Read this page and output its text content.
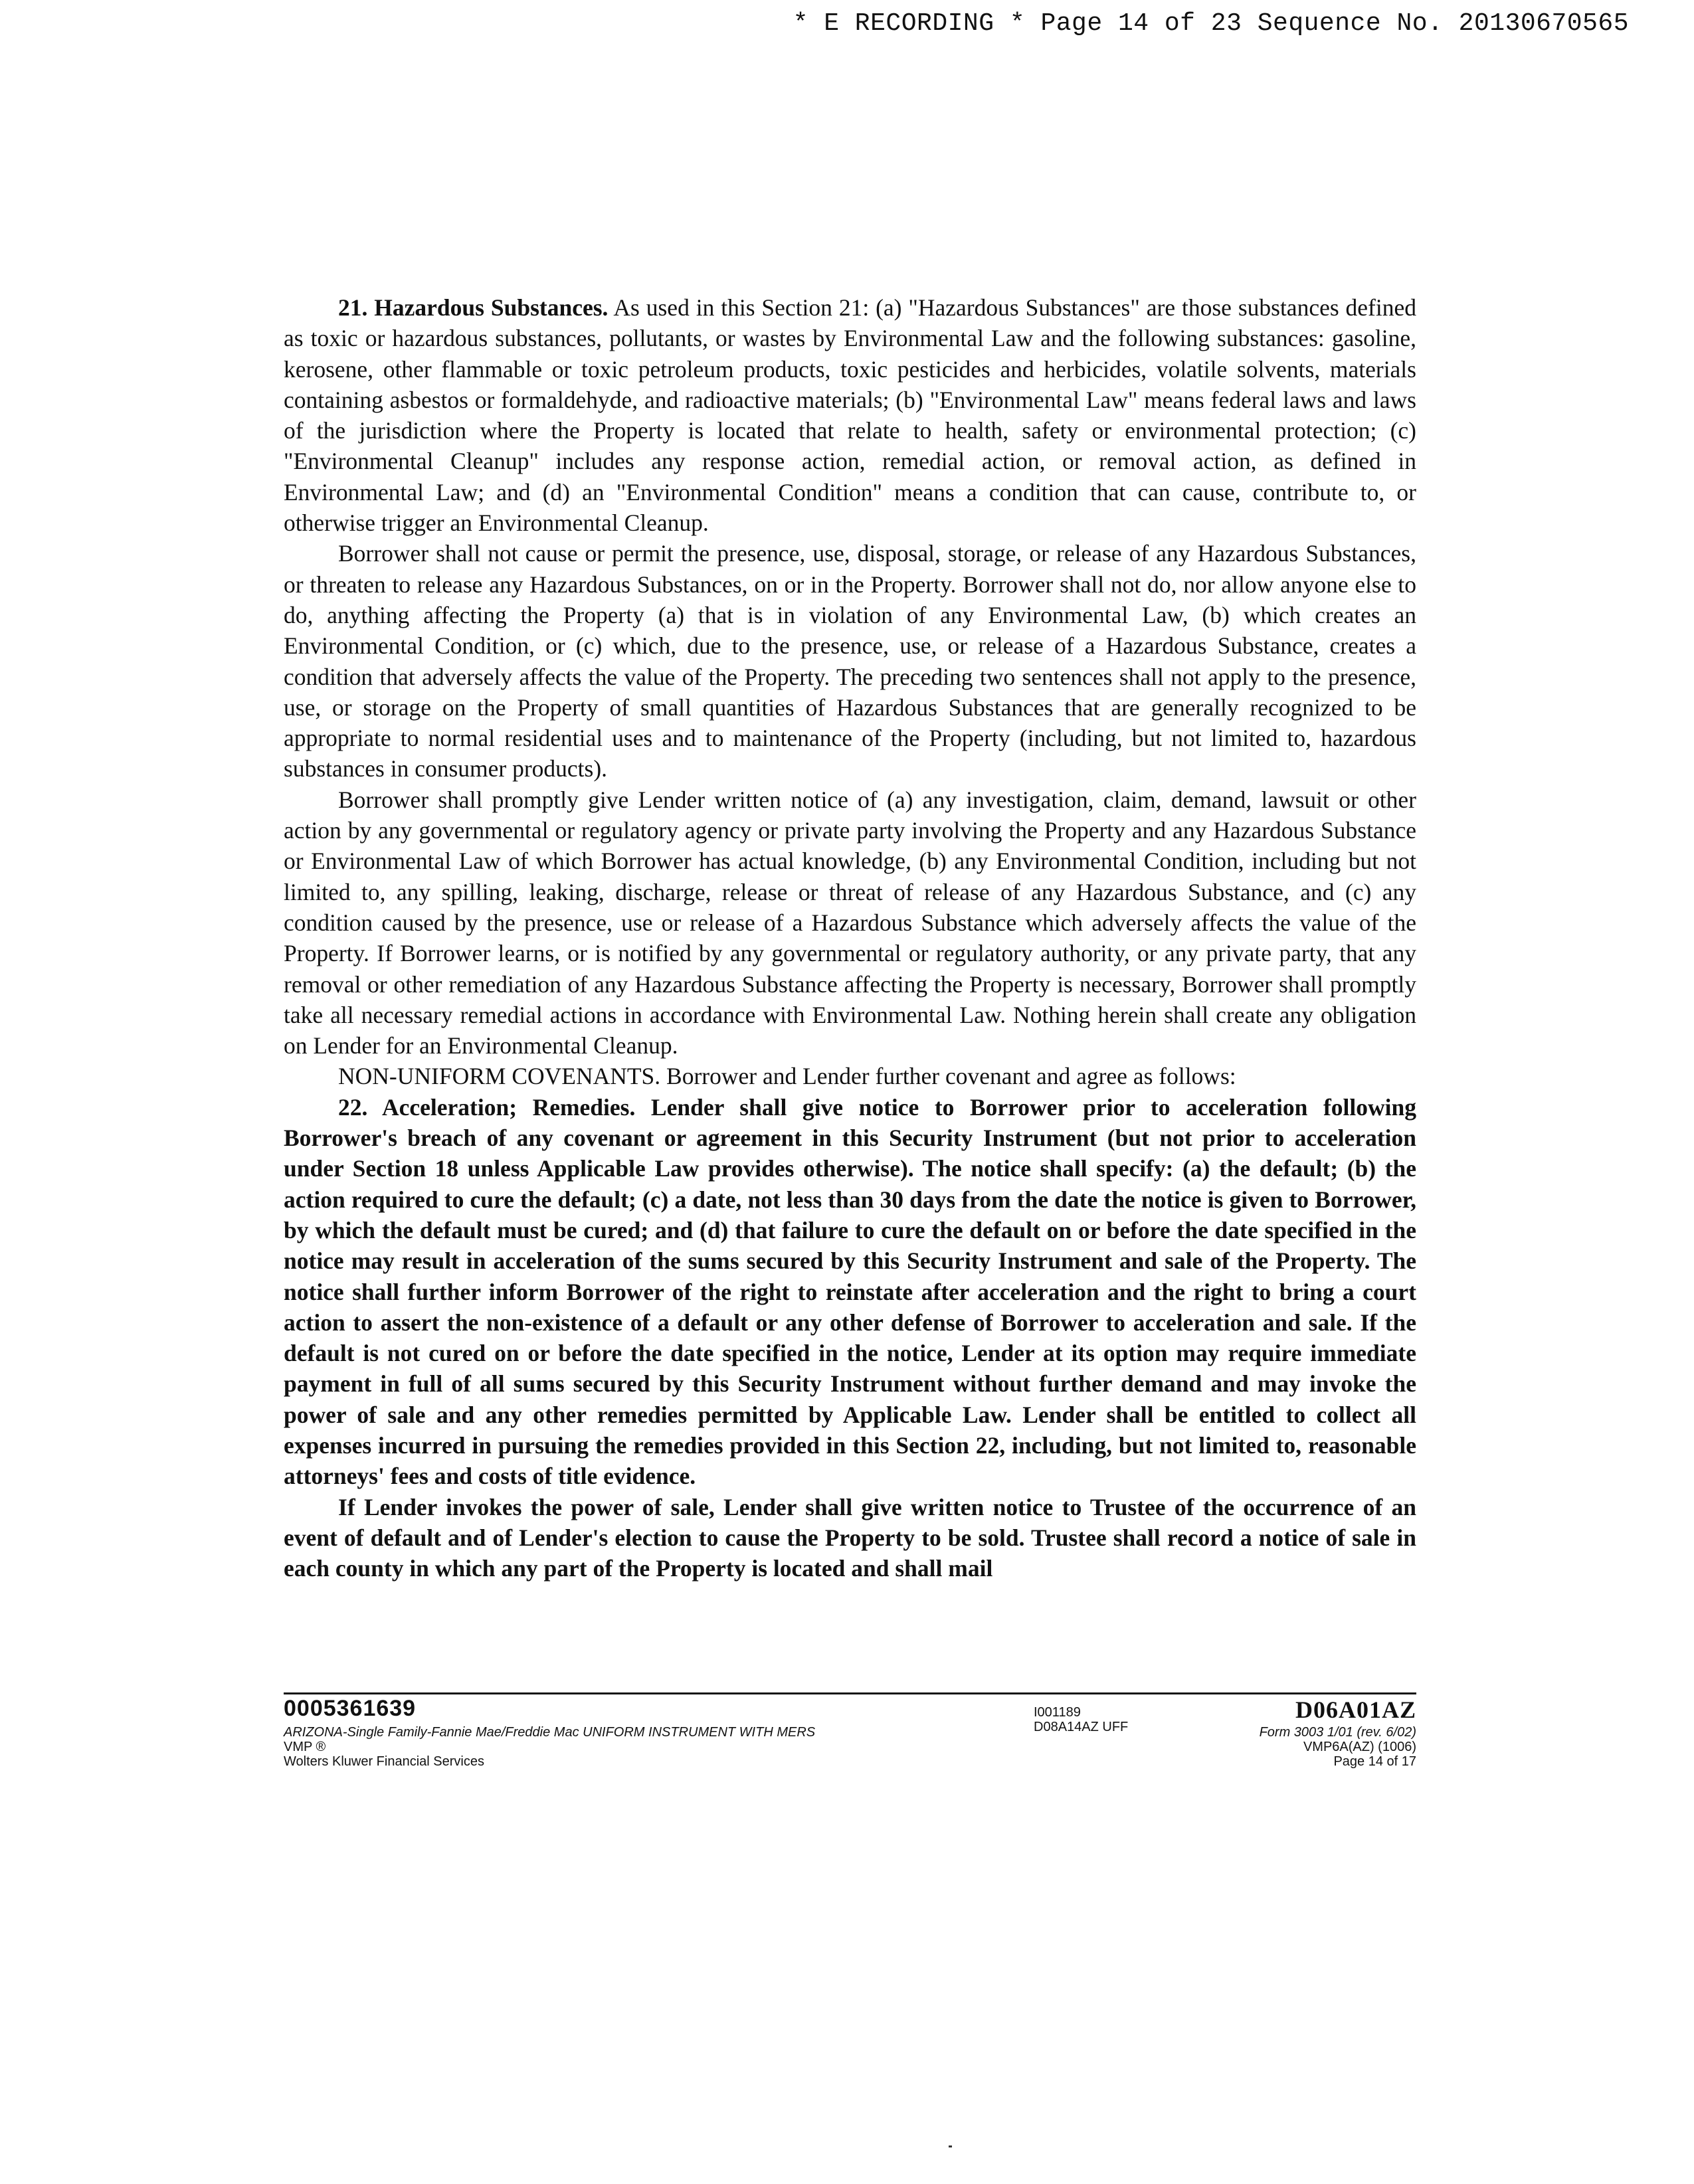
* E RECORDING * Page 14 of 23 Sequence No. 20130670565

21. Hazardous Substances. As used in this Section 21: (a) "Hazardous Substances" are those substances defined as toxic or hazardous substances, pollutants, or wastes by Environmental Law and the following substances: gasoline, kerosene, other flammable or toxic petroleum products, toxic pesticides and herbicides, volatile solvents, materials containing asbestos or formaldehyde, and radioactive materials; (b) "Environmental Law" means federal laws and laws of the jurisdiction where the Property is located that relate to health, safety or environmental protection; (c) "Environmental Cleanup" includes any response action, remedial action, or removal action, as defined in Environmental Law; and (d) an "Environmental Condition" means a condition that can cause, contribute to, or otherwise trigger an Environmental Cleanup.

Borrower shall not cause or permit the presence, use, disposal, storage, or release of any Hazardous Substances, or threaten to release any Hazardous Substances, on or in the Property. Borrower shall not do, nor allow anyone else to do, anything affecting the Property (a) that is in violation of any Environmental Law, (b) which creates an Environmental Condition, or (c) which, due to the presence, use, or release of a Hazardous Substance, creates a condition that adversely affects the value of the Property. The preceding two sentences shall not apply to the presence, use, or storage on the Property of small quantities of Hazardous Substances that are generally recognized to be appropriate to normal residential uses and to maintenance of the Property (including, but not limited to, hazardous substances in consumer products).

Borrower shall promptly give Lender written notice of (a) any investigation, claim, demand, lawsuit or other action by any governmental or regulatory agency or private party involving the Property and any Hazardous Substance or Environmental Law of which Borrower has actual knowledge, (b) any Environmental Condition, including but not limited to, any spilling, leaking, discharge, release or threat of release of any Hazardous Substance, and (c) any condition caused by the presence, use or release of a Hazardous Substance which adversely affects the value of the Property. If Borrower learns, or is notified by any governmental or regulatory authority, or any private party, that any removal or other remediation of any Hazardous Substance affecting the Property is necessary, Borrower shall promptly take all necessary remedial actions in accordance with Environmental Law. Nothing herein shall create any obligation on Lender for an Environmental Cleanup.

NON-UNIFORM COVENANTS. Borrower and Lender further covenant and agree as follows:

22. Acceleration; Remedies. Lender shall give notice to Borrower prior to acceleration following Borrower's breach of any covenant or agreement in this Security Instrument (but not prior to acceleration under Section 18 unless Applicable Law provides otherwise). The notice shall specify: (a) the default; (b) the action required to cure the default; (c) a date, not less than 30 days from the date the notice is given to Borrower, by which the default must be cured; and (d) that failure to cure the default on or before the date specified in the notice may result in acceleration of the sums secured by this Security Instrument and sale of the Property. The notice shall further inform Borrower of the right to reinstate after acceleration and the right to bring a court action to assert the non-existence of a default or any other defense of Borrower to acceleration and sale. If the default is not cured on or before the date specified in the notice, Lender at its option may require immediate payment in full of all sums secured by this Security Instrument without further demand and may invoke the power of sale and any other remedies permitted by Applicable Law. Lender shall be entitled to collect all expenses incurred in pursuing the remedies provided in this Section 22, including, but not limited to, reasonable attorneys' fees and costs of title evidence.

If Lender invokes the power of sale, Lender shall give written notice to Trustee of the occurrence of an event of default and of Lender's election to cause the Property to be sold. Trustee shall record a notice of sale in each county in which any part of the Property is located and shall mail

0005361639
ARIZONA-Single Family-Fannie Mae/Freddie Mac UNIFORM INSTRUMENT WITH MERS
VMP ®
Wolters Kluwer Financial Services
I001189
D08A14AZ UFF
D06A01AZ
Form 3003 1/01 (rev. 6/02)
VMP6A(AZ) (1006)
Page 14 of 17
